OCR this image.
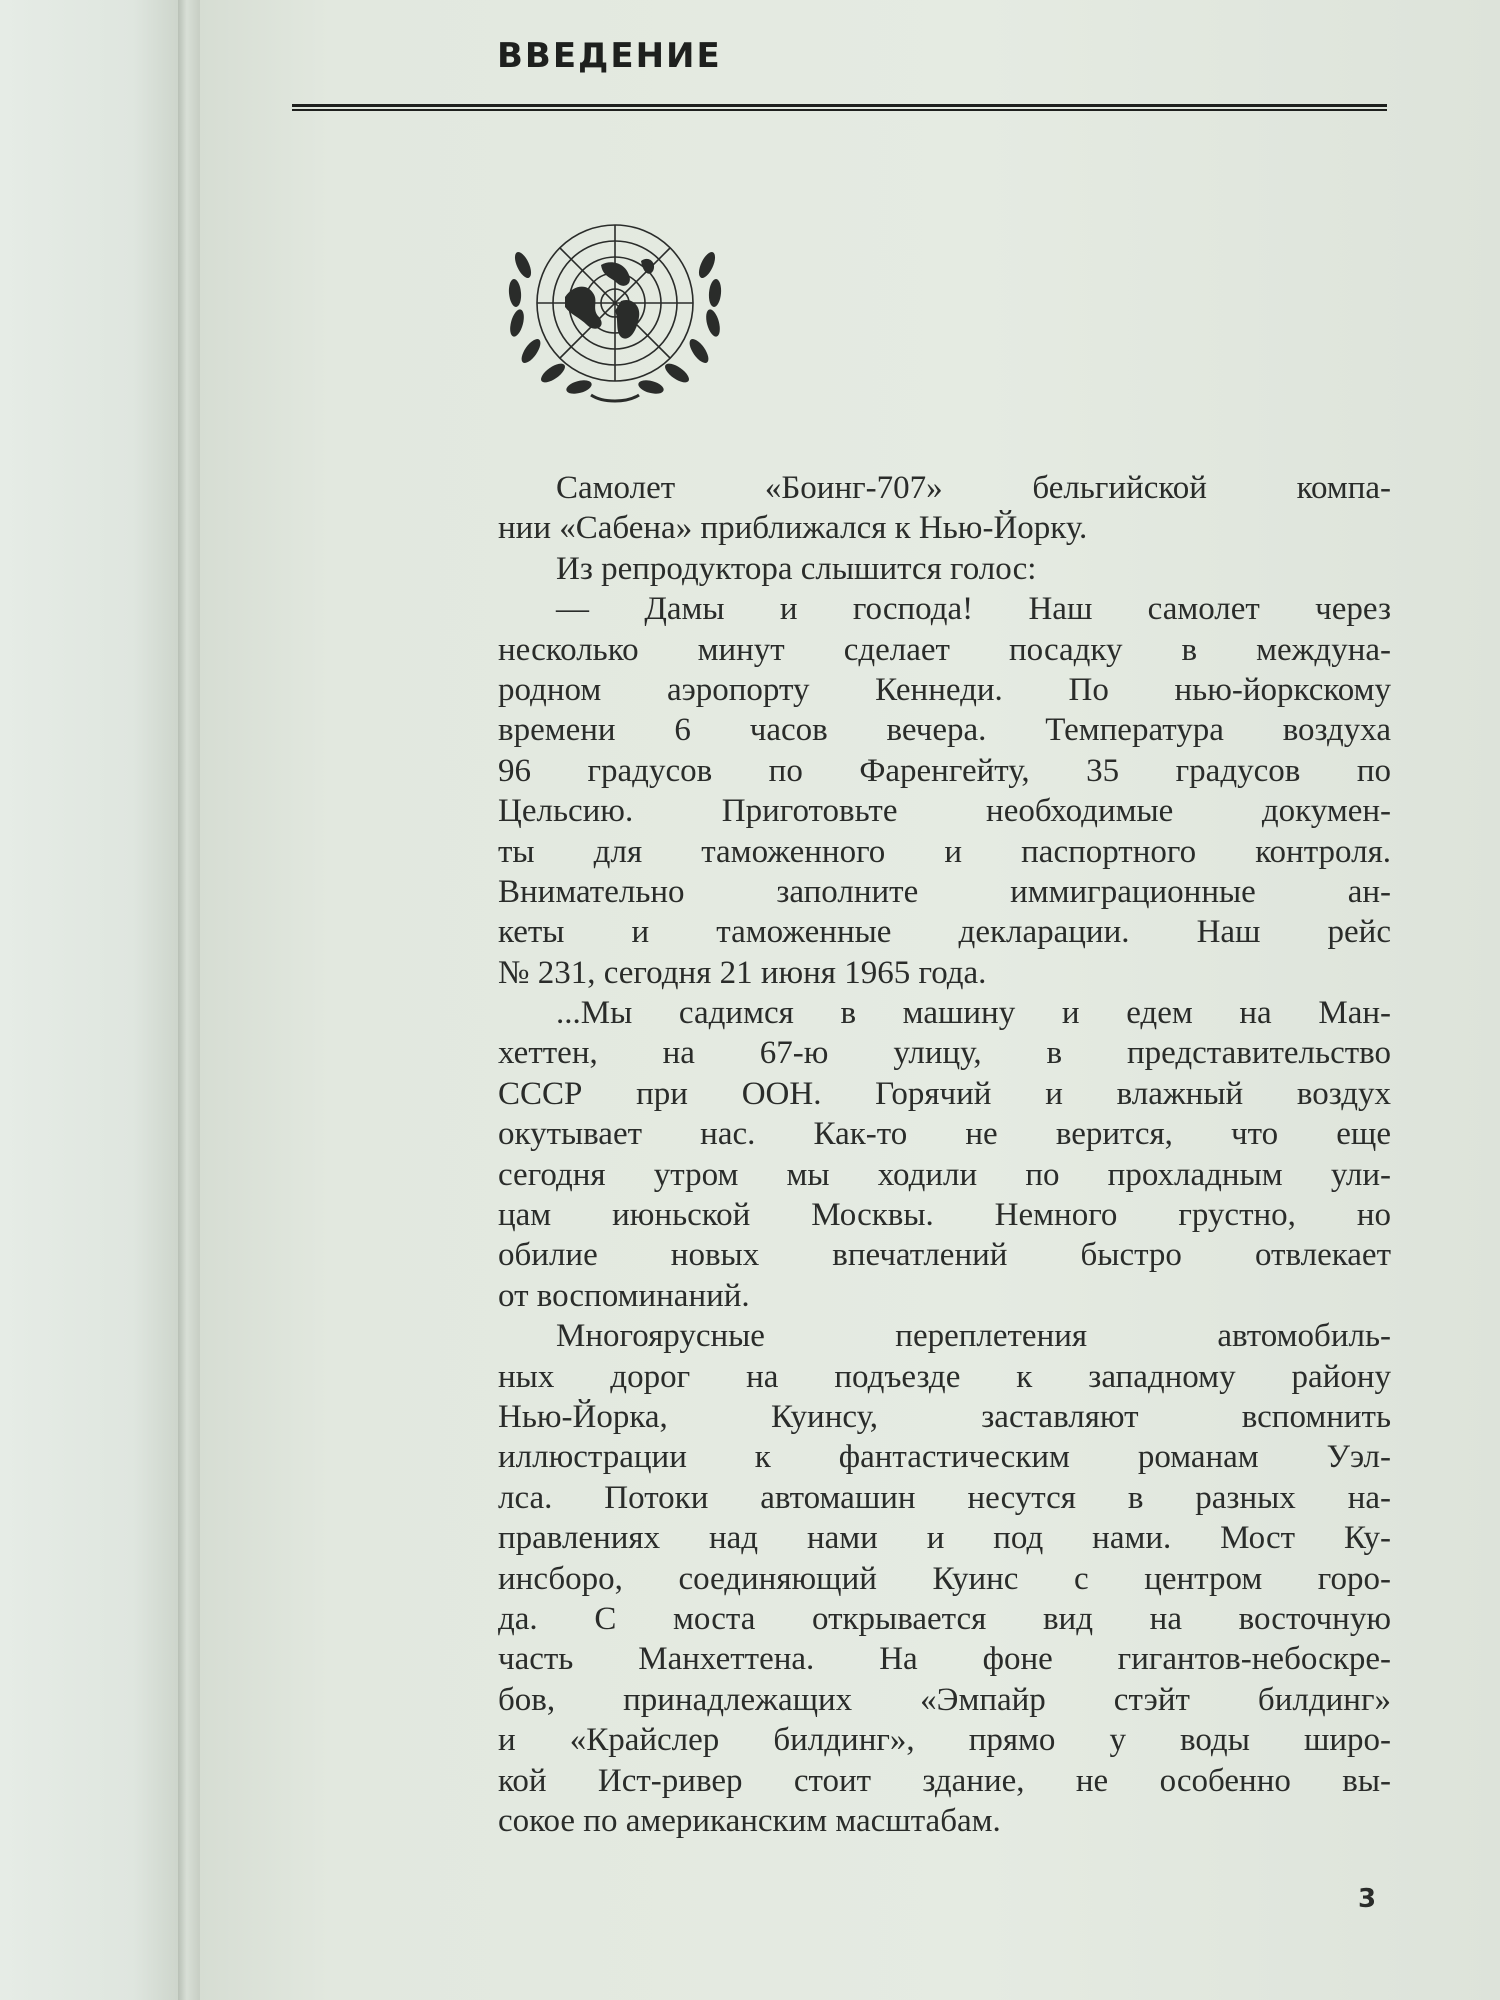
ВВЕДЕНИЕ
Самолет «Боинг-707» бельгийской компа-
нии «Сабена» приближался к Нью-Йорку.
Из репродуктора слышится голос:
— Дамы и господа! Наш самолет через
несколько минут сделает посадку в междуна-
родном аэропорту Кеннеди. По нью-йоркскому
времени 6 часов вечера. Температура воздуха
96 градусов по Фаренгейту, 35 градусов по
Цельсию. Приготовьте необходимые докумен-
ты для таможенного и паспортного контроля.
Внимательно заполните иммиграционные ан-
кеты и таможенные декларации. Наш рейс
№ 231, сегодня 21 июня 1965 года.
...Мы садимся в машину и едем на Ман-
хеттен, на 67-ю улицу, в представительство
СССР при ООН. Горячий и влажный воздух
окутывает нас. Как-то не верится, что еще
сегодня утром мы ходили по прохладным ули-
цам июньской Москвы. Немного грустно, но
обилие новых впечатлений быстро отвлекает
от воспоминаний.
Многоярусные переплетения автомобиль-
ных дорог на подъезде к западному району
Нью-Йорка, Куинсу, заставляют вспомнить
иллюстрации к фантастическим романам Уэл-
лса. Потоки автомашин несутся в разных на-
правлениях над нами и под нами. Мост Ку-
инсборо, соединяющий Куинс с центром горо-
да. С моста открывается вид на восточную
часть Манхеттена. На фоне гигантов-небоскре-
бов, принадлежащих «Эмпайр стэйт билдинг»
и «Крайслер билдинг», прямо у воды широ-
кой Ист-ривер стоит здание, не особенно вы-
сокое по американским масштабам.
3
